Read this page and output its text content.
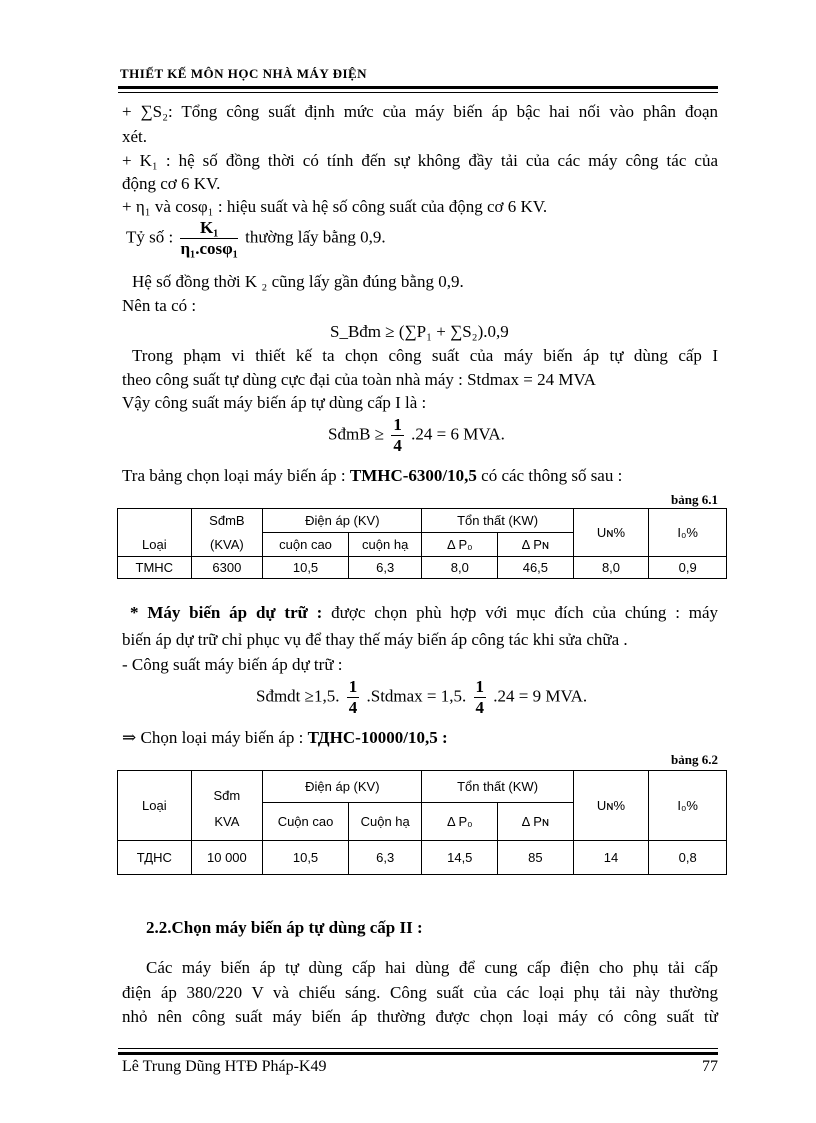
THIẾT KẾ MÔN HỌC NHÀ MÁY ĐIỆN
+ ∑S₂: Tổng công suất định mức của máy biến áp bậc hai nối vào phân đoạn
xét.
+ K₁ : hệ số đồng thời có tính đến sự không đầy tải của các máy công tác của
động cơ 6 KV.
+ η₁ và cosφ₁ : hiệu suất và hệ số công suất của động cơ 6 KV.
Tỷ số : $\frac{\text{K₁}}{\text{η₁.cosφ₁}}$ thường lấy bằng 0,9.
Hệ số đồng thời K ₂ cũng lấy gần đúng bằng 0,9.
Nên ta có :
S_Bđm ≥ (∑P₁ + ∑S₂).0,9
Trong phạm vi thiết kế ta chọn công suất của máy biến áp tự dùng cấp I
theo công suất tự dùng cực đại của toàn nhà máy : Stdmax = 24 MVA
Vậy công suất máy biến áp tự dùng cấp I là :
SđmB ≥ $\frac{1}{4} .24 = 6$ MVA.
Tra bảng chọn loại máy biến áp : TMHC-6300/10,5 có các thông số sau :
bảng 6.1
Loại	SđmB	Điện áp (KV)		Tổn thất (KW)		Uɴ%	I₀%
	(KVA)	cuộn cao	cuộn hạ	Δ P₀	Δ Pɴ		
TMHC	6300	10,5	6,3	8,0	46,5	8,0	0,9
* Máy biến áp dự trữ : được chọn phù hợp với mục đích của chúng : máy
biến áp dự trữ chỉ phục vụ để thay thế máy biến áp công tác khi sửa chữa .
- Công suất máy biến áp dự trữ :
Sđmdt ≥1,5. $\frac{1}{4} .Stdmax = 1,5$. $\frac{1}{4} .24 = 9$ MVA.
⇒ Chọn loại máy biến áp : ТДНС-10000/10,5 :
bảng 6.2
Loại	Sđm	Điện áp (KV)		Tổn thất (KW)		Uɴ%	I₀%
	KVA	Cuộn cao	Cuộn hạ	Δ P₀	Δ Pɴ		
ТДНС	10 000	10,5	6,3	14,5	85	14	0,8
2.2.Chọn máy biến áp tự dùng cấp II :
Các máy biến áp tự dùng cấp hai dùng để cung cấp điện cho phụ tải cấp
điện áp 380/220 V và chiếu sáng. Công suất của các loại phụ tải này thường
nhỏ nên công suất máy biến áp thường được chọn loại máy có công suất từ
Lê Trung Dũng HTĐ Pháp-K49	77
